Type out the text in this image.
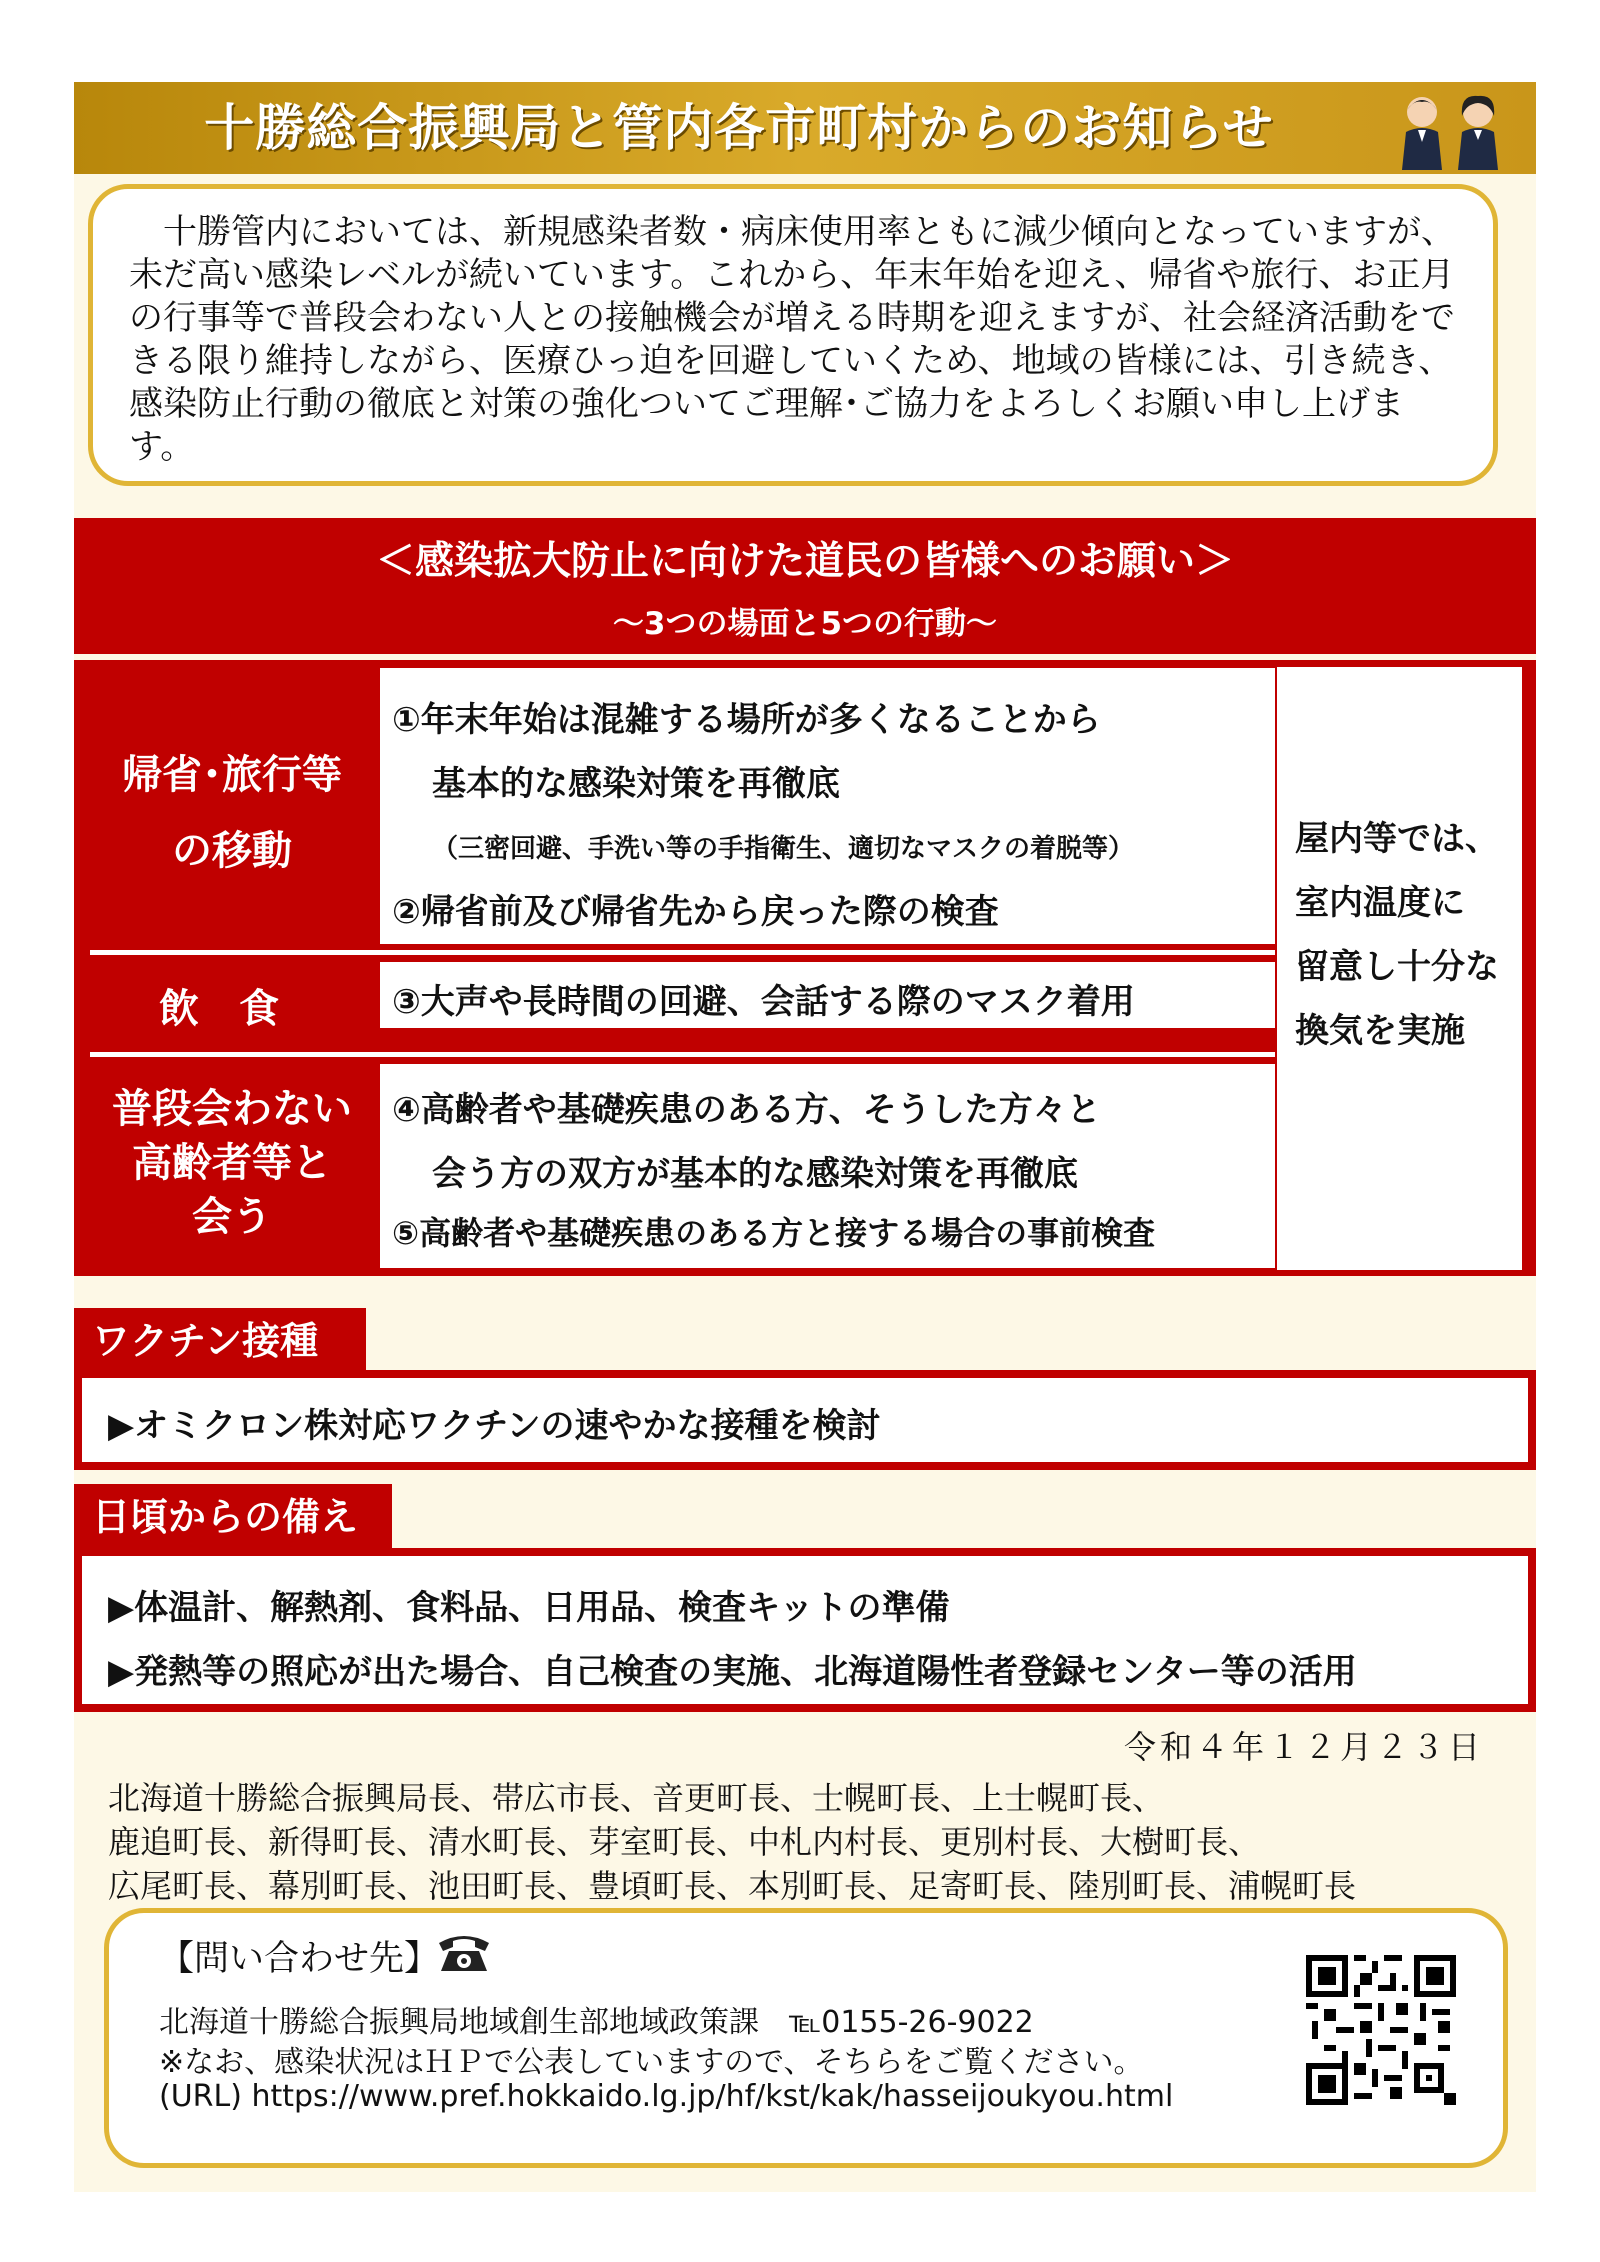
十勝総合振興局と管内各市町村からのお知らせ

十勝管内においては、新規感染者数・病床使用率ともに減少傾向となっていますが、未だ高い感染レベルが続いています。これから、年末年始を迎え、帰省や旅行、お正月の行事等で普段会わない人との接触機会が増える時期を迎えますが、社会経済活動をできる限り維持しながら、医療ひっ迫を回避していくため、地域の皆様には、引き続き、感染防止行動の徹底と対策の強化ついてご理解･ご協力をよろしくお願い申し上げます。

＜感染拡大防止に向けた道民の皆様へのお願い＞
～3つの場面と5つの行動～
帰省･旅行等
の移動
①年末年始は混雑する場所が多くなることから
基本的な感染対策を再徹底
（三密回避、手洗い等の手指衛生、適切なマスクの着脱等）
②帰省前及び帰省先から戻った際の検査
飲　食	③大声や長時間の回避、会話する際のマスク着用
普段会わない
高齢者等と
会う
④高齢者や基礎疾患のある方、そうした方々と
会う方の双方が基本的な感染対策を再徹底
⑤高齢者や基礎疾患のある方と接する場合の事前検査
屋内等では、
室内温度に
留意し十分な
換気を実施
ワクチン接種
▶オミクロン株対応ワクチンの速やかな接種を検討
日頃からの備え
▶体温計、解熱剤、食料品、日用品、検査キットの準備
▶発熱等の照応が出た場合、自己検査の実施、北海道陽性者登録センター等の活用
令和４年１２月２３日
北海道十勝総合振興局長、帯広市長、音更町長、士幌町長、上士幌町長、
鹿追町長、新得町長、清水町長、芽室町長、中札内村長、更別村長、大樹町長、
広尾町長、幕別町長、池田町長、豊頃町長、本別町長、足寄町長、陸別町長、浦幌町長
【問い合わせ先】
北海道十勝総合振興局地域創生部地域政策課　℡0155-26-9022
※なお、感染状況はＨＰで公表していますので、そちらをご覧ください。
(URL) https://www.pref.hokkaido.lg.jp/hf/kst/kak/hasseijoukyou.html
